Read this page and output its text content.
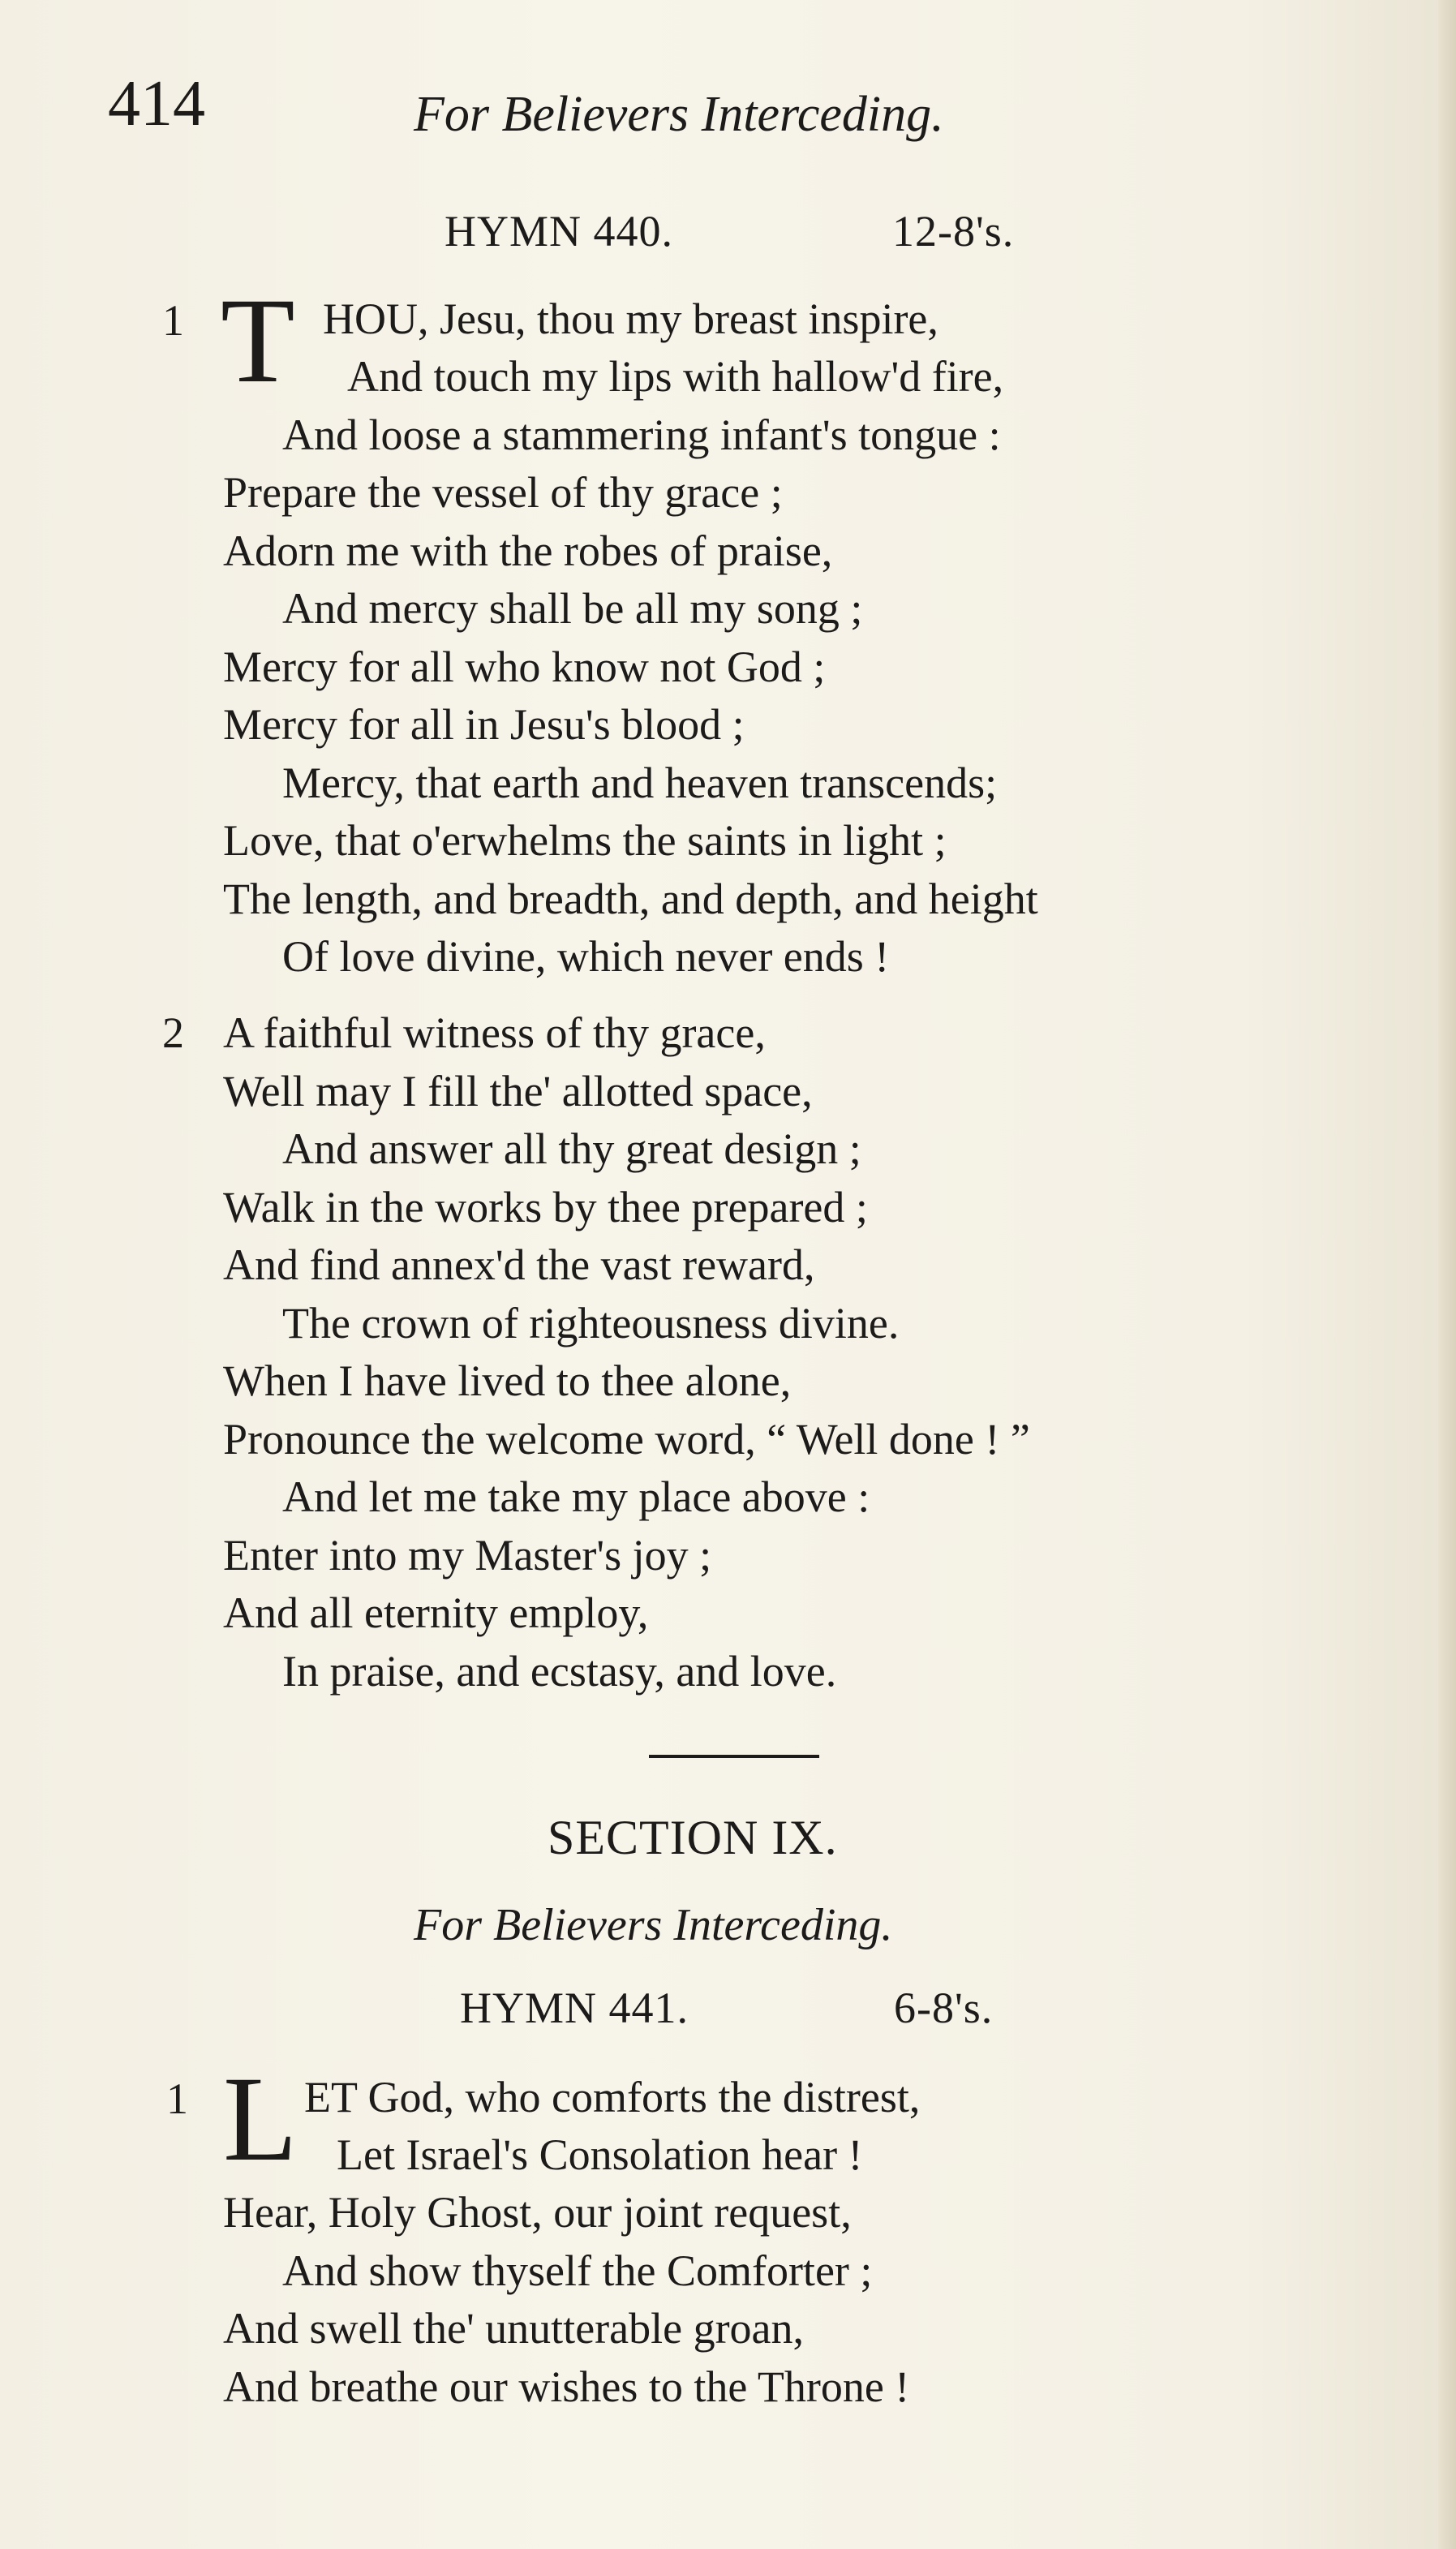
414	For Believers Interceding.
HYMN 440.	12-8's.
1 T HOU, Jesu, thou my breast inspire,
And touch my lips with hallow'd fire,
And loose a stammering infant's tongue :
Prepare the vessel of thy grace ;
Adorn me with the robes of praise,
And mercy shall be all my song ;
Mercy for all who know not God ;
Mercy for all in Jesu's blood ;
Mercy, that earth and heaven transcends;
Love, that o'erwhelms the saints in light ;
The length, and breadth, and depth, and height
Of love divine, which never ends !
2 A faithful witness of thy grace,
Well may I fill the' allotted space,
And answer all thy great design ;
Walk in the works by thee prepared ;
And find annex'd the vast reward,
The crown of righteousness divine.
When I have lived to thee alone,
Pronounce the welcome word, “ Well done ! ”
And let me take my place above :
Enter into my Master's joy ;
And all eternity employ,
In praise, and ecstasy, and love.
SECTION IX.
For Believers Interceding.
HYMN 441.	6-8's.
1 L ET God, who comforts the distrest,
Let Israel's Consolation hear !
Hear, Holy Ghost, our joint request,
And show thyself the Comforter ;
And swell the' unutterable groan,
And breathe our wishes to the Throne !
